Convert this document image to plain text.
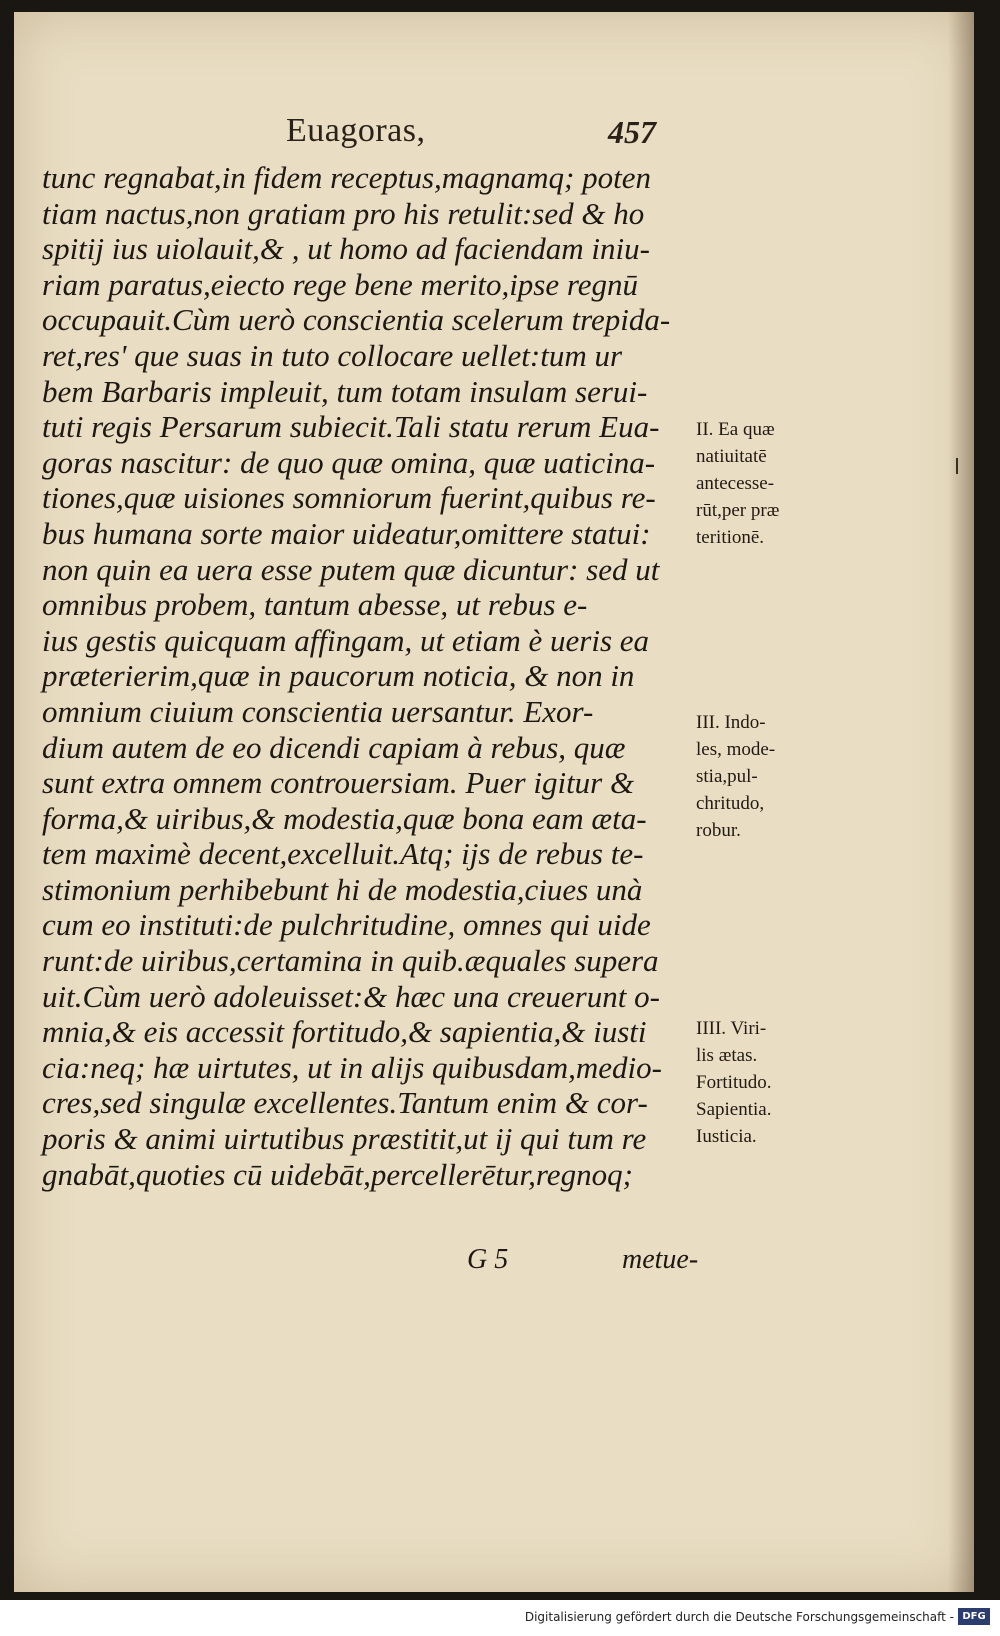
Euagoras,	457
tunc regnabat,in fidem receptus,magnamq; poten
tiam nactus,non gratiam pro his retulit:sed & ho
spitij ius uiolauit,& , ut homo ad faciendam iniu-
riam paratus,eiecto rege bene merito,ipse regnū
occupauit.Cùm uerò conscientia scelerum trepida-
ret,res' que suas in tuto collocare uellet:tum ur
bem Barbaris impleuit, tum totam insulam serui-
tuti regis Persarum subiecit.Tali statu rerum Eua-
goras nascitur: de quo quæ omina, quæ uaticina-
tiones,quæ uisiones somniorum fuerint,quibus re-
bus humana sorte maior uideatur,omittere statui:
non quin ea uera esse putem quæ dicuntur: sed ut
omnibus probem, tantum abesse, ut rebus e-
ius gestis quicquam affingam, ut etiam è ueris ea
præterierim,quæ in paucorum noticia, & non in
omnium ciuium conscientia uersantur. Exor-
dium autem de eo dicendi capiam à rebus, quæ
sunt extra omnem controuersiam. Puer igitur &
forma,& uiribus,& modestia,quæ bona eam æta-
tem maximè decent,excelluit.Atq; ijs de rebus te-
stimonium perhibebunt hi de modestia,ciues unà
cum eo instituti:de pulchritudine, omnes qui uide
runt:de uiribus,certamina in quib.æquales supera
uit.Cùm uerò adoleuisset:& hæc una creuerunt o-
mnia,& eis accessit fortitudo,& sapientia,& iusti
cia:neq; hæ uirtutes, ut in alijs quibusdam,medio-
cres,sed singulæ excellentes.Tantum enim & cor-
poris & animi uirtutibus præstitit,ut ij qui tum re
gnabāt,quoties cū uidebāt,percellerētur,regnoq;
G 5	metue-
II. Ea quæ
natiuitatē
antecesse-
rūt,per præ
teritionē.
III. Indo-
les, mode-
stia,pul-
chritudo,
robur.
IIII. Viri-
lis ætas.
Fortitudo.
Sapientia.
Iusticia.
Digitalisierung gefördert durch die Deutsche Forschungsgemeinschaft - DFG
